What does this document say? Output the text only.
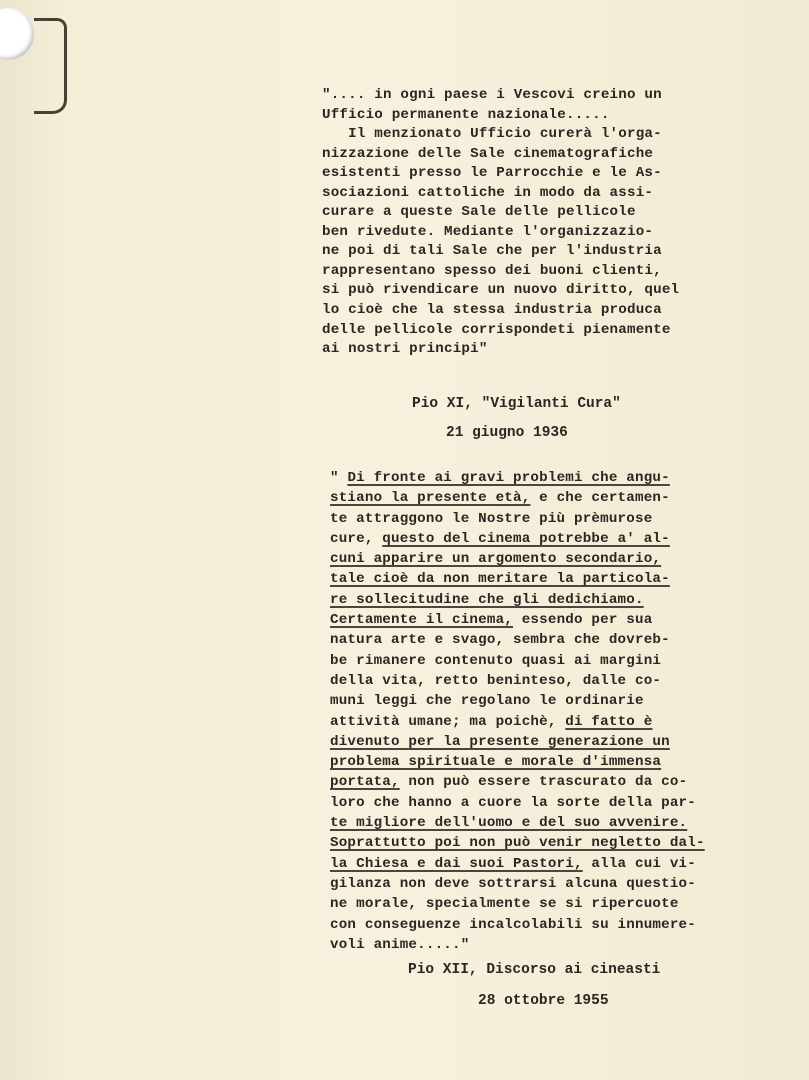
".... in ogni paese i Vescovi creino un
Ufficio permanente nazionale.....
Il menzionato Ufficio curerà l'orga-
nizzazione delle Sale cinematografiche
esistenti presso le Parrocchie e le As-
sociazioni cattoliche in modo da assi-
curare a queste Sale delle pellicole
ben rivedute. Mediante l'organizzazio-
ne poi di tali Sale che per l'industria
rappresentano spesso dei buoni clienti,
si può rivendicare un nuovo diritto, quel
lo cioè che la stessa industria produca
delle pellicole corrispondeti pienamente
ai nostri principi"
Pio XI, "Vigilanti Cura"
21 giugno 1936
" Di fronte ai gravi problemi che angu-
stiano la presente età, e che certamen-
te attraggono le Nostre più prèmurose
cure, questo del cinema potrebbe a' al-
cuni apparire un argomento secondario,
tale cioè da non meritare la particola-
re sollecitudine che gli dedichiamo.
Certamente il cinema, essendo per sua
natura arte e svago, sembra che dovreb-
be rimanere contenuto quasi ai margini
della vita, retto beninteso, dalle co-
muni leggi che regolano le ordinarie
attività umane; ma poichè, di fatto è
divenuto per la presente generazione un
problema spirituale e morale d'immensa
portata, non può essere trascurato da co-
loro che hanno a cuore la sorte della par-
te migliore dell'uomo e del suo avvenire.
Soprattutto poi non può venir negletto dal-
la Chiesa e dai suoi Pastori, alla cui vi-
gilanza non deve sottrarsi alcuna questio-
ne morale, specialmente se si ripercuote
con conseguenze incalcolabili su innumere-
voli anime....."
Pio XII, Discorso ai cineasti
28 ottobre 1955
